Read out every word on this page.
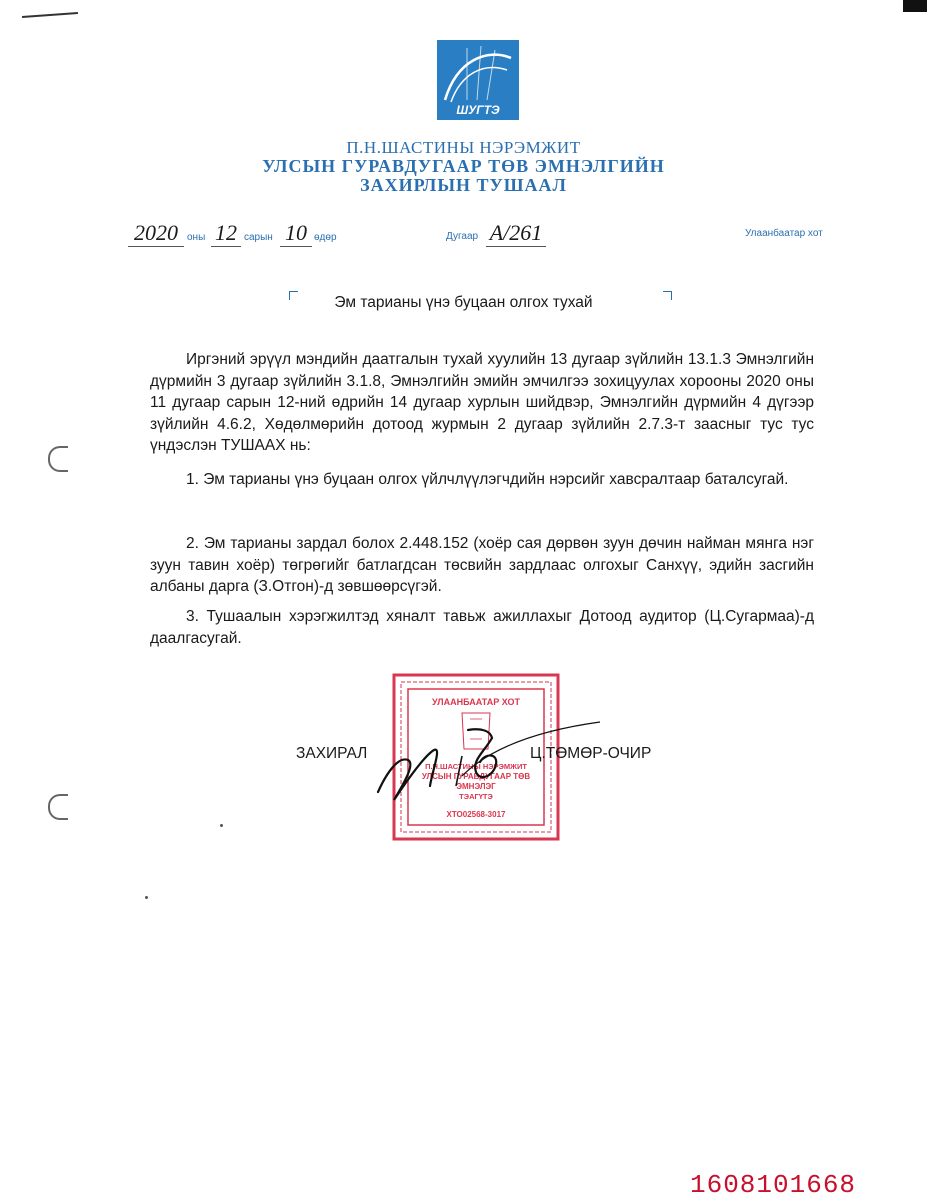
ШУГТЭ
П.Н.ШАСТИНЫ НЭРЭМЖИТ
УЛСЫН ГУРАВДУГААР ТӨВ ЭМНЭЛГИЙН
ЗАХИРЛЫН ТУШААЛ
2020 оны 12 сарын 10 өдөр	Дугаар А/261	Улаанбаатар хот
Эм тарианы үнэ буцаан олгох тухай

Иргэний эрүүл мэндийн даатгалын тухай хуулийн 13 дугаар зүйлийн 13.1.3 Эмнэлгийн дүрмийн 3 дугаар зүйлийн 3.1.8, Эмнэлгийн эмийн эмчилгээ зохицуулах хорооны 2020 оны 11 дугаар сарын 12-ний өдрийн 14 дугаар хурлын шийдвэр, Эмнэлгийн дүрмийн 4 дүгээр зүйлийн 4.6.2, Хөдөлмөрийн дотоод журмын 2 дугаар зүйлийн 2.7.3-т заасныг тус тус үндэслэн ТУШААХ нь:

1. Эм тарианы үнэ буцаан олгох үйлчлүүлэгчдийн нэрсийг хавсралтаар баталсугай.

2. Эм тарианы зардал болох 2.448.152 (хоёр сая дөрвөн зуун дөчин найман мянга нэг зуун тавин хоёр) төгрөгийг батлагдсан төсвийн зардлаас олгохыг Санхүү, эдийн засгийн албаны дарга (З.Отгон)-д зөвшөөрсүгэй.

3. Тушаалын хэрэгжилтэд хяналт тавьж ажиллахыг Дотоод аудитор (Ц.Сугармаа)-д даалгасугай.

УЛААНБААТАР ХОТ
П.Н.ШАСТИНЫ НЭРЭМЖИТ
УЛСЫН ГУРАВДУГААР ТӨВ
ЭМНЭЛЭГ
ТЭАГҮТЭ
ХТО02568-3017
ЗАХИРАЛ	Ц.ТӨМӨР-ОЧИР
1608101668
